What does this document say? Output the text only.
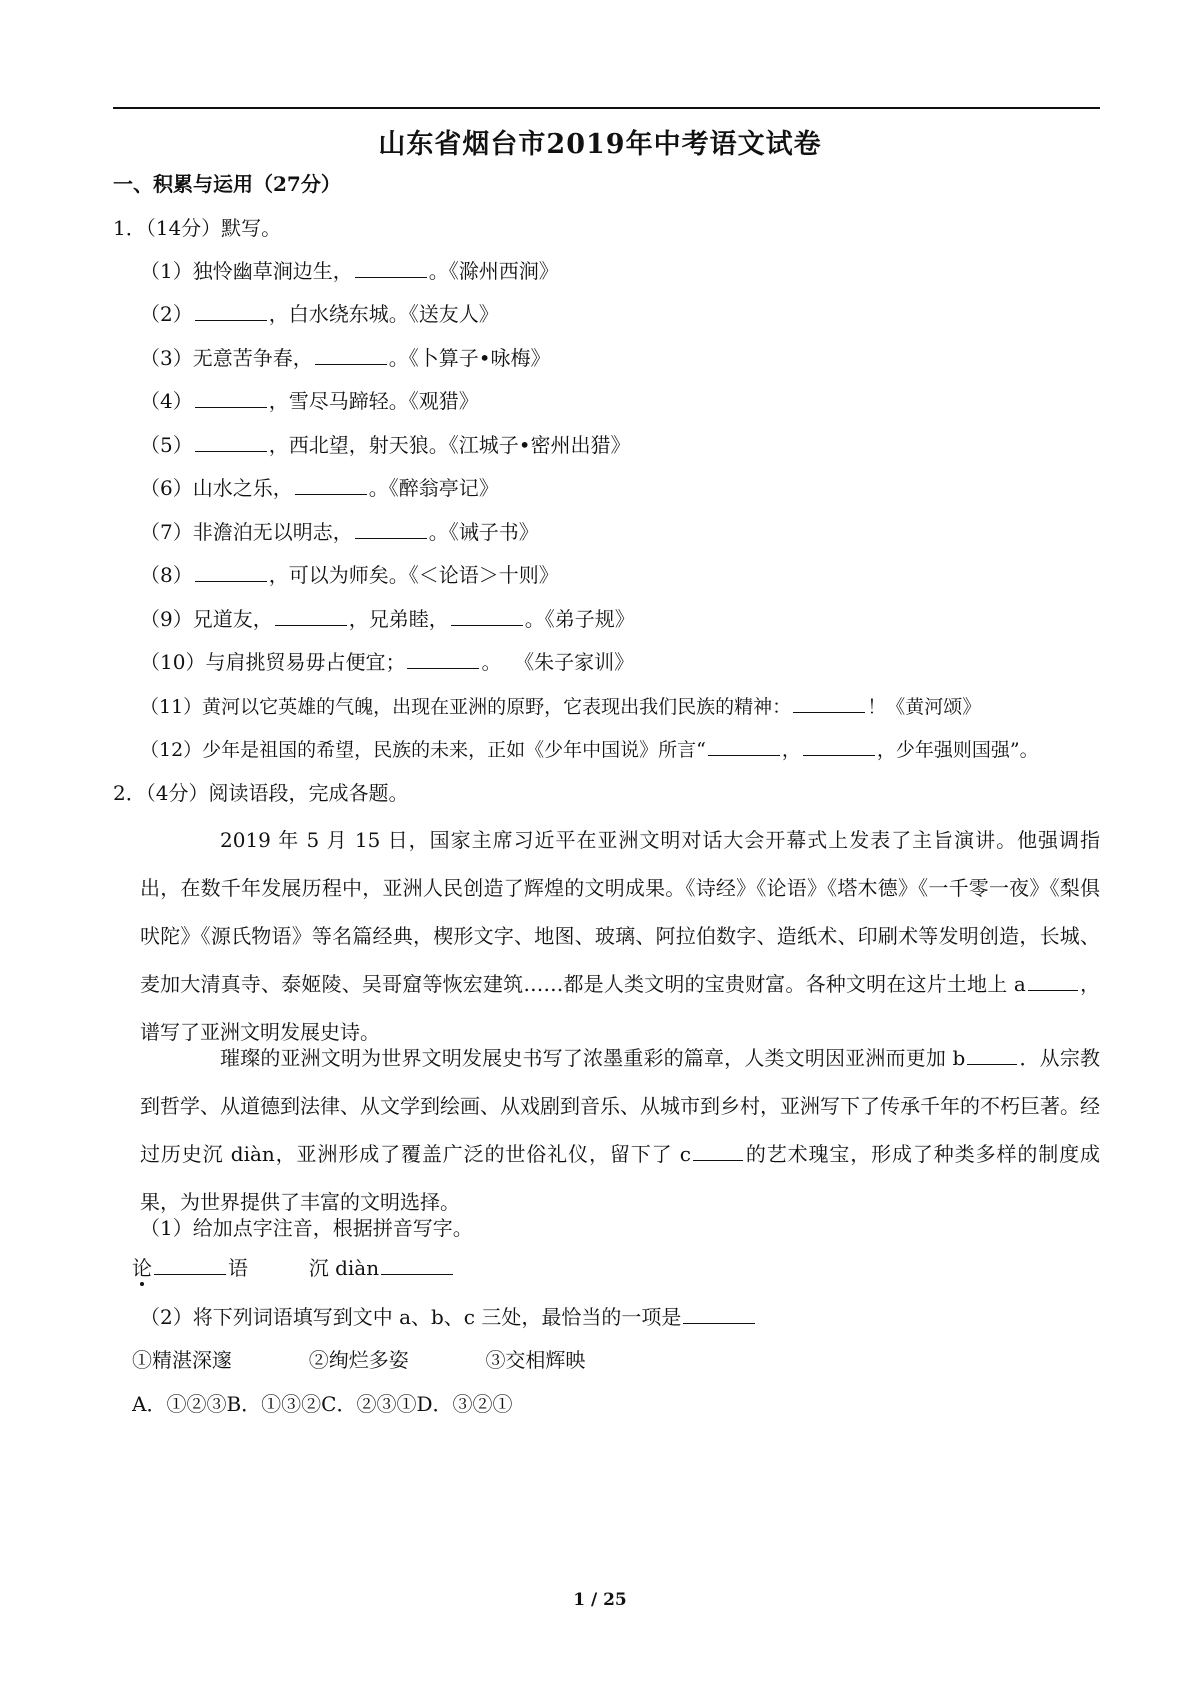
山东省烟台市2019年中考语文试卷
一、积累与运用（27分）
1．（14分）默写。
（1）独怜幽草涧边生，	。《滁州西涧》
（2）	，白水绕东城。《送友人》
（3）无意苦争春，	。《卜算子•咏梅》
（4）	，雪尽马蹄轻。《观猎》
（5）	，西北望，射天狼。《江城子•密州出猎》
（6）山水之乐，	。《醉翁亭记》
（7）非澹泊无以明志，	。《诫子书》
（8）	，可以为师矣。《＜论语＞十则》
（9）兄道友，	，兄弟睦，	。《弟子规》
（10）与肩挑贸易毋占便宜；	。  《朱子家训》
（11）黄河以它英雄的气魄，出现在亚洲的原野，它表现出我们民族的精神：	！《黄河颂》
（12）少年是祖国的希望，民族的未来，正如《少年中国说》所言“	，	，少年强则国强”。
2．（4分）阅读语段，完成各题。
2019 年 5 月 15 日，国家主席习近平在亚洲文明对话大会开幕式上发表了主旨演讲。他强调指出，在数千年发展历程中，亚洲人民创造了辉煌的文明成果。《诗经》《论语》《塔木德》《一千零一夜》《梨俱吠陀》《源氏物语》等名篇经典，楔形文字、地图、玻璃、阿拉伯数字、造纸术、印刷术等发明创造，长城、麦加大清真寺、泰姬陵、吴哥窟等恢宏建筑……都是人类文明的宝贵财富。各种文明在这片土地上 a	，谱写了亚洲文明发展史诗。
璀璨的亚洲文明为世界文明发展史书写了浓墨重彩的篇章，人类文明因亚洲而更加 b	．从宗教到哲学、从道德到法律、从文学到绘画、从戏剧到音乐、从城市到乡村，亚洲写下了传承千年的不朽巨著。经过历史沉 diàn，亚洲形成了覆盖广泛的世俗礼仪，留下了 c	的艺术瑰宝，形成了种类多样的制度成果，为世界提供了丰富的文明选择。
（1）给加点字注音，根据拼音写字。
论	语	沉 diàn
（2）将下列词语填写到文中 a、b、c 三处，最恰当的一项是
①精湛深邃	②绚烂多姿	③交相辉映
A．①②③B．①③②C．②③①D．③②①
1 / 25
